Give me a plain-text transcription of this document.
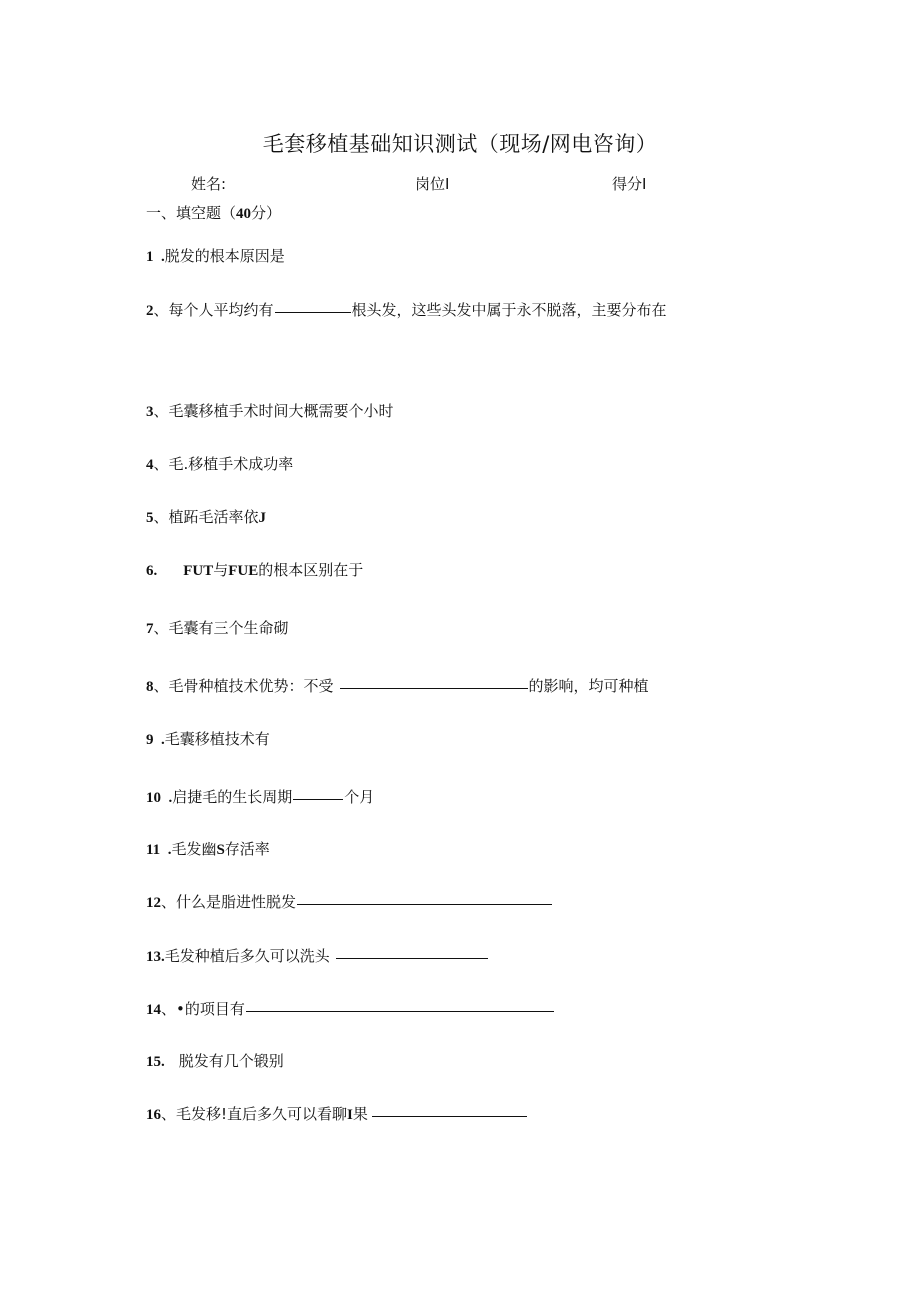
毛套移植基础知识测试（现场/网电咨询）
姓名:	岗位I	得分I
一、填空题（40分）
1 . 脱发的根本原因是
2 、 每个人平均约有	根头发，这些头发中属于永不脱落，主要分布在
3 、 毛囊移植手术时间大概需要个小时
4 、 毛.移植手术成功率
5 、 植跖毛活率依 J
6 . FUT 与 FUE 的根本区别在于
7 、 毛囊有三个生命砌
8 、 毛骨种植技术优势：不受	的影响，均可种植
9 . 毛囊移植技术有
10 . 启捷毛的生长周期	个月
11 . 毛发幽 S 存活率
12 、 什么是脂进性脱发
13 . 毛发种植后多久可以洗头
14 、• 的项目有
15 . 脱发有几个锻别
16 、 毛发移!直后多久可以看聊 I 果
